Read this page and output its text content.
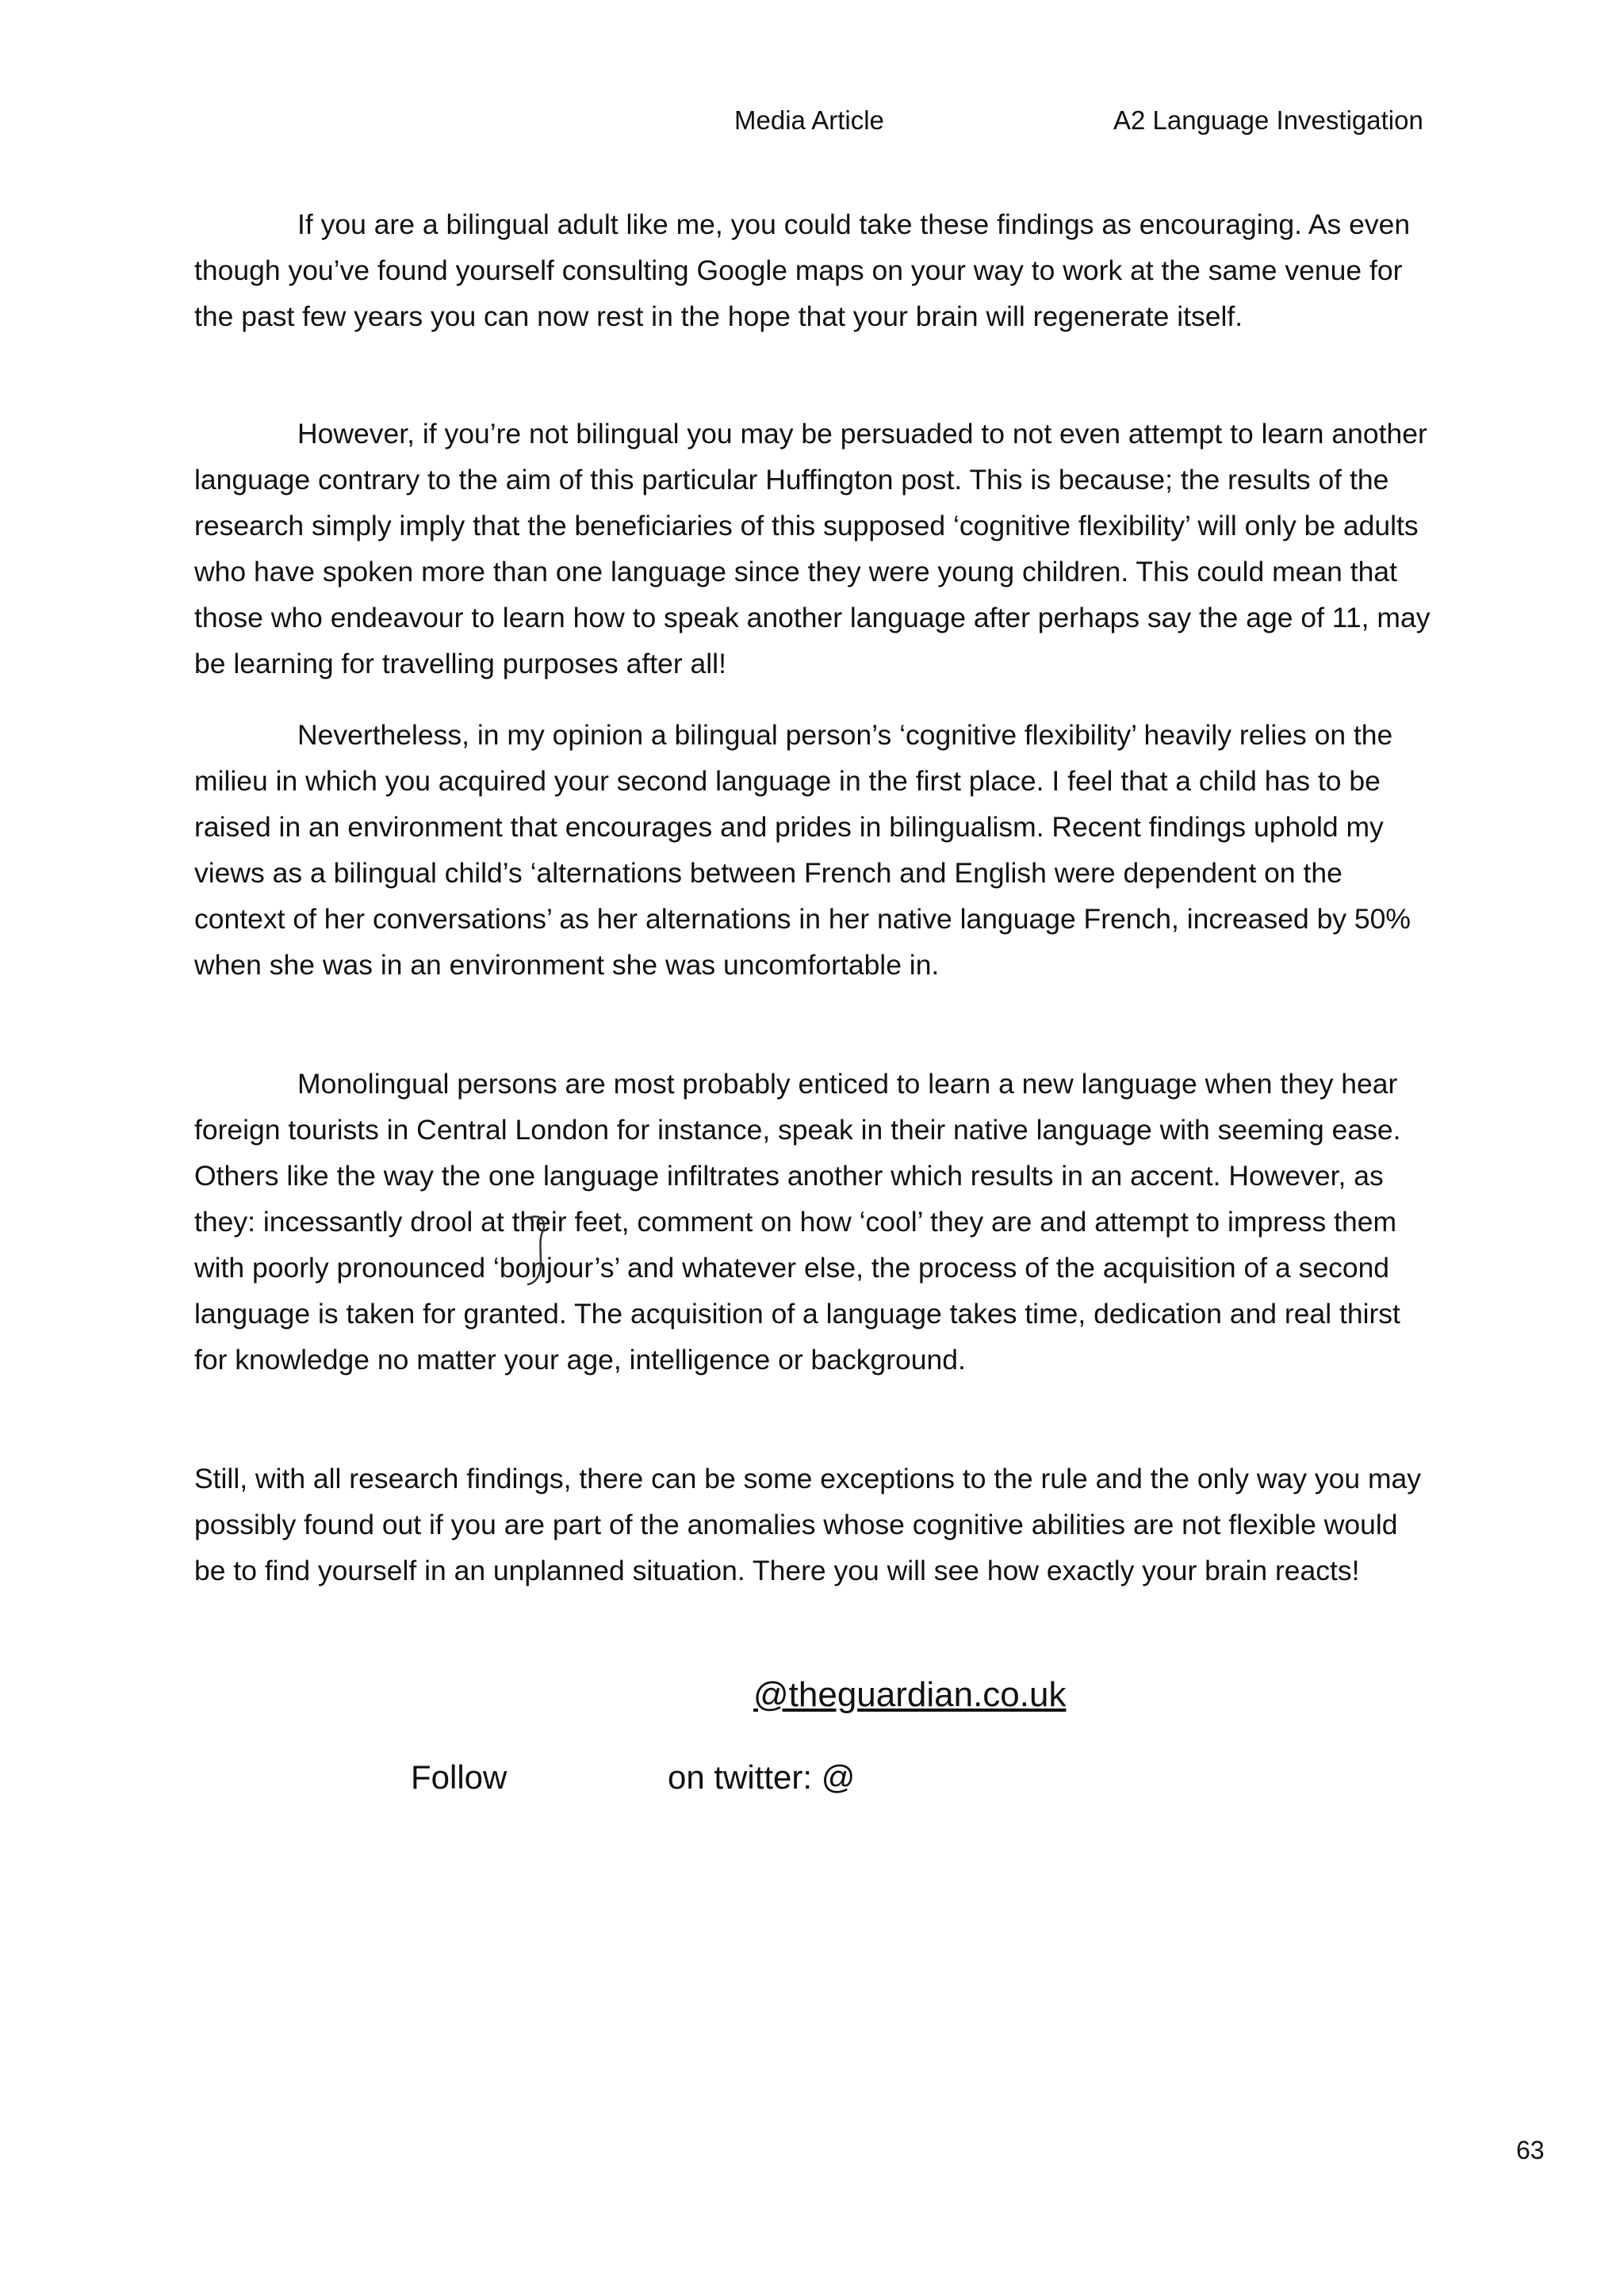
Media Article	A2 Language Investigation

If you are a bilingual adult like me, you could take these findings as encouraging. As even though you’ve found yourself consulting Google maps on your way to work at the same venue for the past few years you can now rest in the hope that your brain will regenerate itself.

However, if you’re not bilingual you may be persuaded to not even attempt to learn another language contrary to the aim of this particular Huffington post. This is because; the results of the research simply imply that the beneficiaries of this supposed ‘cognitive flexibility’ will only be adults who have spoken more than one language since they were young children. This could mean that those who endeavour to learn how to speak another language after perhaps say the age of 11, may be learning for travelling purposes after all!

Nevertheless, in my opinion a bilingual person’s ‘cognitive flexibility’ heavily relies on the milieu in which you acquired your second language in the first place. I feel that a child has to be raised in an environment that encourages and prides in bilingualism. Recent findings uphold my views as a bilingual child’s ‘alternations between French and English were dependent on the context of her conversations’ as her alternations in her native language French, increased by 50% when she was in an environment she was uncomfortable in.

Monolingual persons are most probably enticed to learn a new language when they hear foreign tourists in Central London for instance, speak in their native language with seeming ease. Others like the way the one language infiltrates another which results in an accent. However, as they: incessantly drool at their feet, comment on how ‘cool’ they are and attempt to impress them with poorly pronounced ‘bonjour’s’ and whatever else, the process of the acquisition of a second language is taken for granted. The acquisition of a language takes time, dedication and real thirst for knowledge no matter your age, intelligence or background.

Still, with all research findings, there can be some exceptions to the rule and the only way you may possibly found out if you are part of the anomalies whose cognitive abilities are not flexible would be to find yourself in an unplanned situation. There you will see how exactly your brain reacts!

@theguardian.co.uk
Follow	on twitter: @
63
